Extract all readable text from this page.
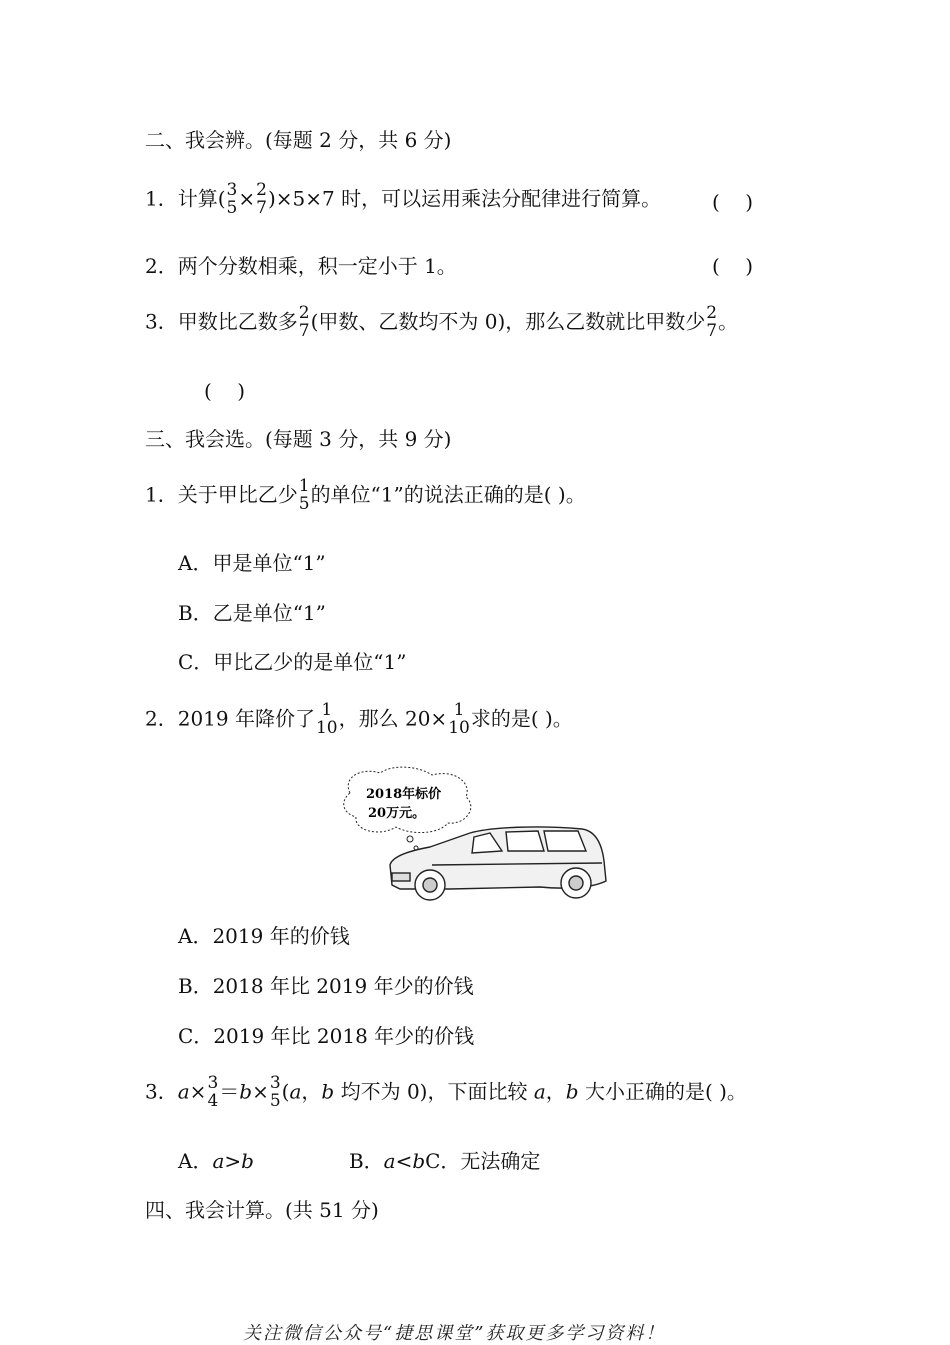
二、我会辨。(每题 2 分，共 6 分)
1．计算( 3
5 × 2
7 )×5×7 时，可以运用乘法分配律进行简算。	(    )
2．两个分数相乘，积一定小于 1。	(    )
3．甲数比乙数多 2
7 (甲数、乙数均不为 0)，那么乙数就比甲数少 2
7 。
(    )
三、我会选。(每题 3 分，共 9 分)
1．关于甲比乙少 1
5 的单位“1”的说法正确的是( )。
A．甲是单位“1”
B．乙是单位“1”
C．甲比乙少的是单位“1”
2．2019 年降价了 1
10 ，那么 20× 1
10 求的是( )。
2018年标价
20万元。
A．2019 年的价钱
B．2018 年比 2019 年少的价钱
C．2019 年比 2018 年少的价钱
3．a× 3
4 ＝b× 3
5 (a，b 均不为 0)，下面比较 a，b 大小正确的是( )。
A．a>b	B．a<bC．无法确定
四、我会计算。(共 51 分)
关注微信公众号“捷思课堂”获取更多学习资料！
